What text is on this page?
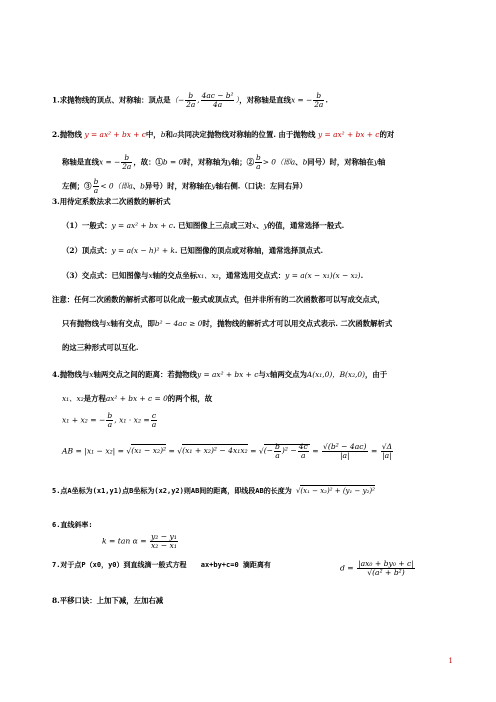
1.求抛物线的顶点、对称轴：顶点是（− $\frac{b}{2a}$ , $\frac{\text{4ac − b²}}{4a}$ ），对称轴是直线x = − $\frac{b}{2a}$ .
2.抛物线 y = ax² + bx + c中，b和a共同决定抛物线对称轴的位置. 由于抛物线 y = ax² + bx + c的对
称轴是直线x = − $\frac{b}{2a}$ ，故：①b = 0时，对称轴为y轴；② $\frac{b}{a} > 0$（即a、b同号）时，对称轴在y轴
左侧；③ $\frac{b}{a} < 0$（即a、b异号）时，对称轴在y轴右侧.（口诀：左同右异）
3.用待定系数法求二次函数的解析式
（1）一般式：y = ax² + bx + c. 已知图像上三点或三对x、y的值，通常选择一般式.
（2）顶点式：y = a(x − h)² + k. 已知图像的顶点或对称轴，通常选择顶点式.
（3）交点式：已知图像与x轴的交点坐标x₁、x₂，通常选用交点式：y = a(x − x₁)(x − x₂).
注意：任何二次函数的解析式都可以化成一般式或顶点式，但并非所有的二次函数都可以写成交点式，
只有抛物线与x轴有交点，即b² − 4ac ≥ 0时，抛物线的解析式才可以用交点式表示. 二次函数解析式
的这三种形式可以互化.
4.抛物线与x轴两交点之间的距离：若抛物线y = ax² + bx + c与x轴两交点为A(x₁,0)，B(x₂,0)，由于
x₁、x₂是方程ax² + bx + c = 0的两个根，故
x₁ + x₂ = − $\frac{b}{a}$ , $x_1 \cdot x_2 = \frac{c}{a}$
AB = |x₁ − x₂| = √(x₁ − x₂)² = √(x₁ + x₂)² − 4x₁x₂ = √(− $\frac{b}{a} )^2 - \frac{4c}{a} = \frac{\text{√(b² − 4ac)}}{|a|} = \frac{√\Delta}{|a|}$
5.点A坐标为(x1,y1)点B坐标为(x2,y2)则AB间的距离，即线段AB的长度为 √(x₁ − x₂)² + (y₁ − y₂)²
6.直线斜率:
$k = \tan \alpha = \frac{\text{y₂ − y₁}}{\text{x₂ − x₁}}$
7.对于点P（x0，y0）到直线滴一般式方程 ax+by+c=0 滴距离有	$d = \frac{\text{|ax₀ + by₀ + c|}}{\text{√(a² + b²)}}$
8.平移口诀：上加下减，左加右减
1
